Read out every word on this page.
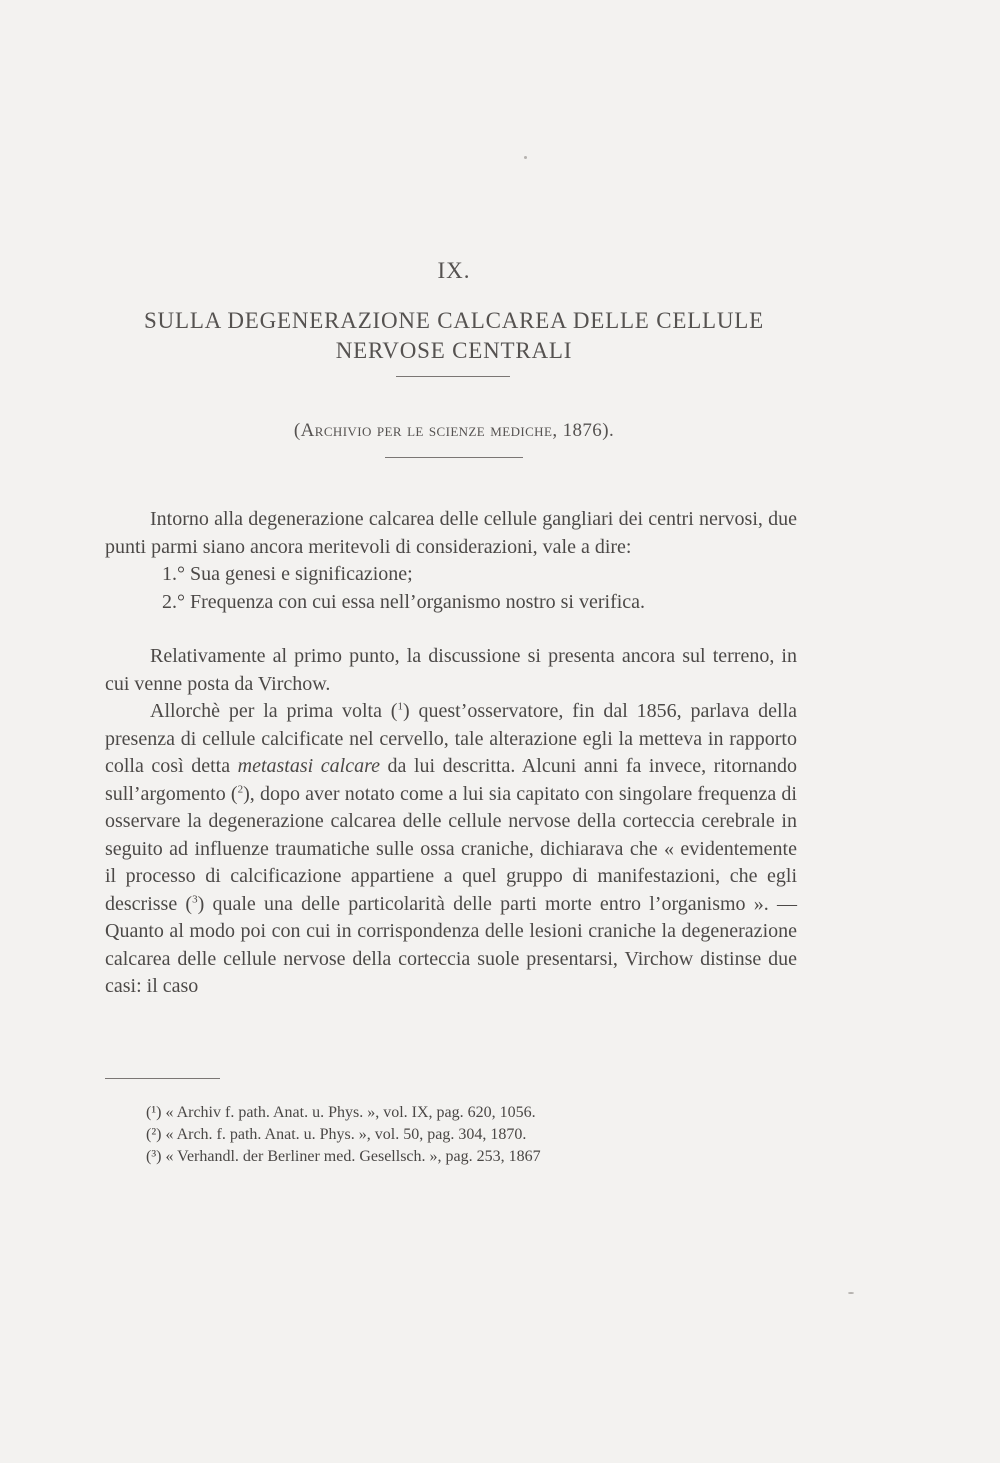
IX.
SULLA DEGENERAZIONE CALCAREA DELLE CELLULE
NERVOSE CENTRALI
(Archivio per le scienze mediche, 1876).

Intorno alla degenerazione calcarea delle cellule gangliari dei centri nervosi, due punti parmi siano ancora meritevoli di considerazioni, vale a dire:

1.° Sua genesi e significazione;

2.° Frequenza con cui essa nell’organismo nostro si verifica.

Relativamente al primo punto, la discussione si presenta ancora sul terreno, in cui venne posta da Virchow.

Allorchè per la prima volta ($^1$) quest’osservatore, fin dal 1856, parlava della presenza di cellule calcificate nel cervello, tale alterazione egli la metteva in rapporto colla così detta metastasi calcare da lui descritta. Alcuni anni fa invece, ritornando sull’argomento ($^2$), dopo aver notato come a lui sia capitato con singolare frequenza di osservare la degenerazione calcarea delle cellule nervose della corteccia cerebrale in seguito ad influenze traumatiche sulle ossa craniche, dichiarava che « evidentemente il processo di calcificazione appartiene a quel gruppo di manifestazioni, che egli descrisse ($^3$) quale una delle particolarità delle parti morte entro l’organismo ». — Quanto al modo poi con cui in corrispondenza delle lesioni craniche la degenerazione calcarea delle cellule nervose della corteccia suole presentarsi, Virchow distinse due casi: il caso

(¹) « Archiv f. path. Anat. u. Phys. », vol. IX, pag. 620, 1056.

(²) « Arch. f. path. Anat. u. Phys. », vol. 50, pag. 304, 1870.

(³) « Verhandl. der Berliner med. Gesellsch. », pag. 253, 1867
